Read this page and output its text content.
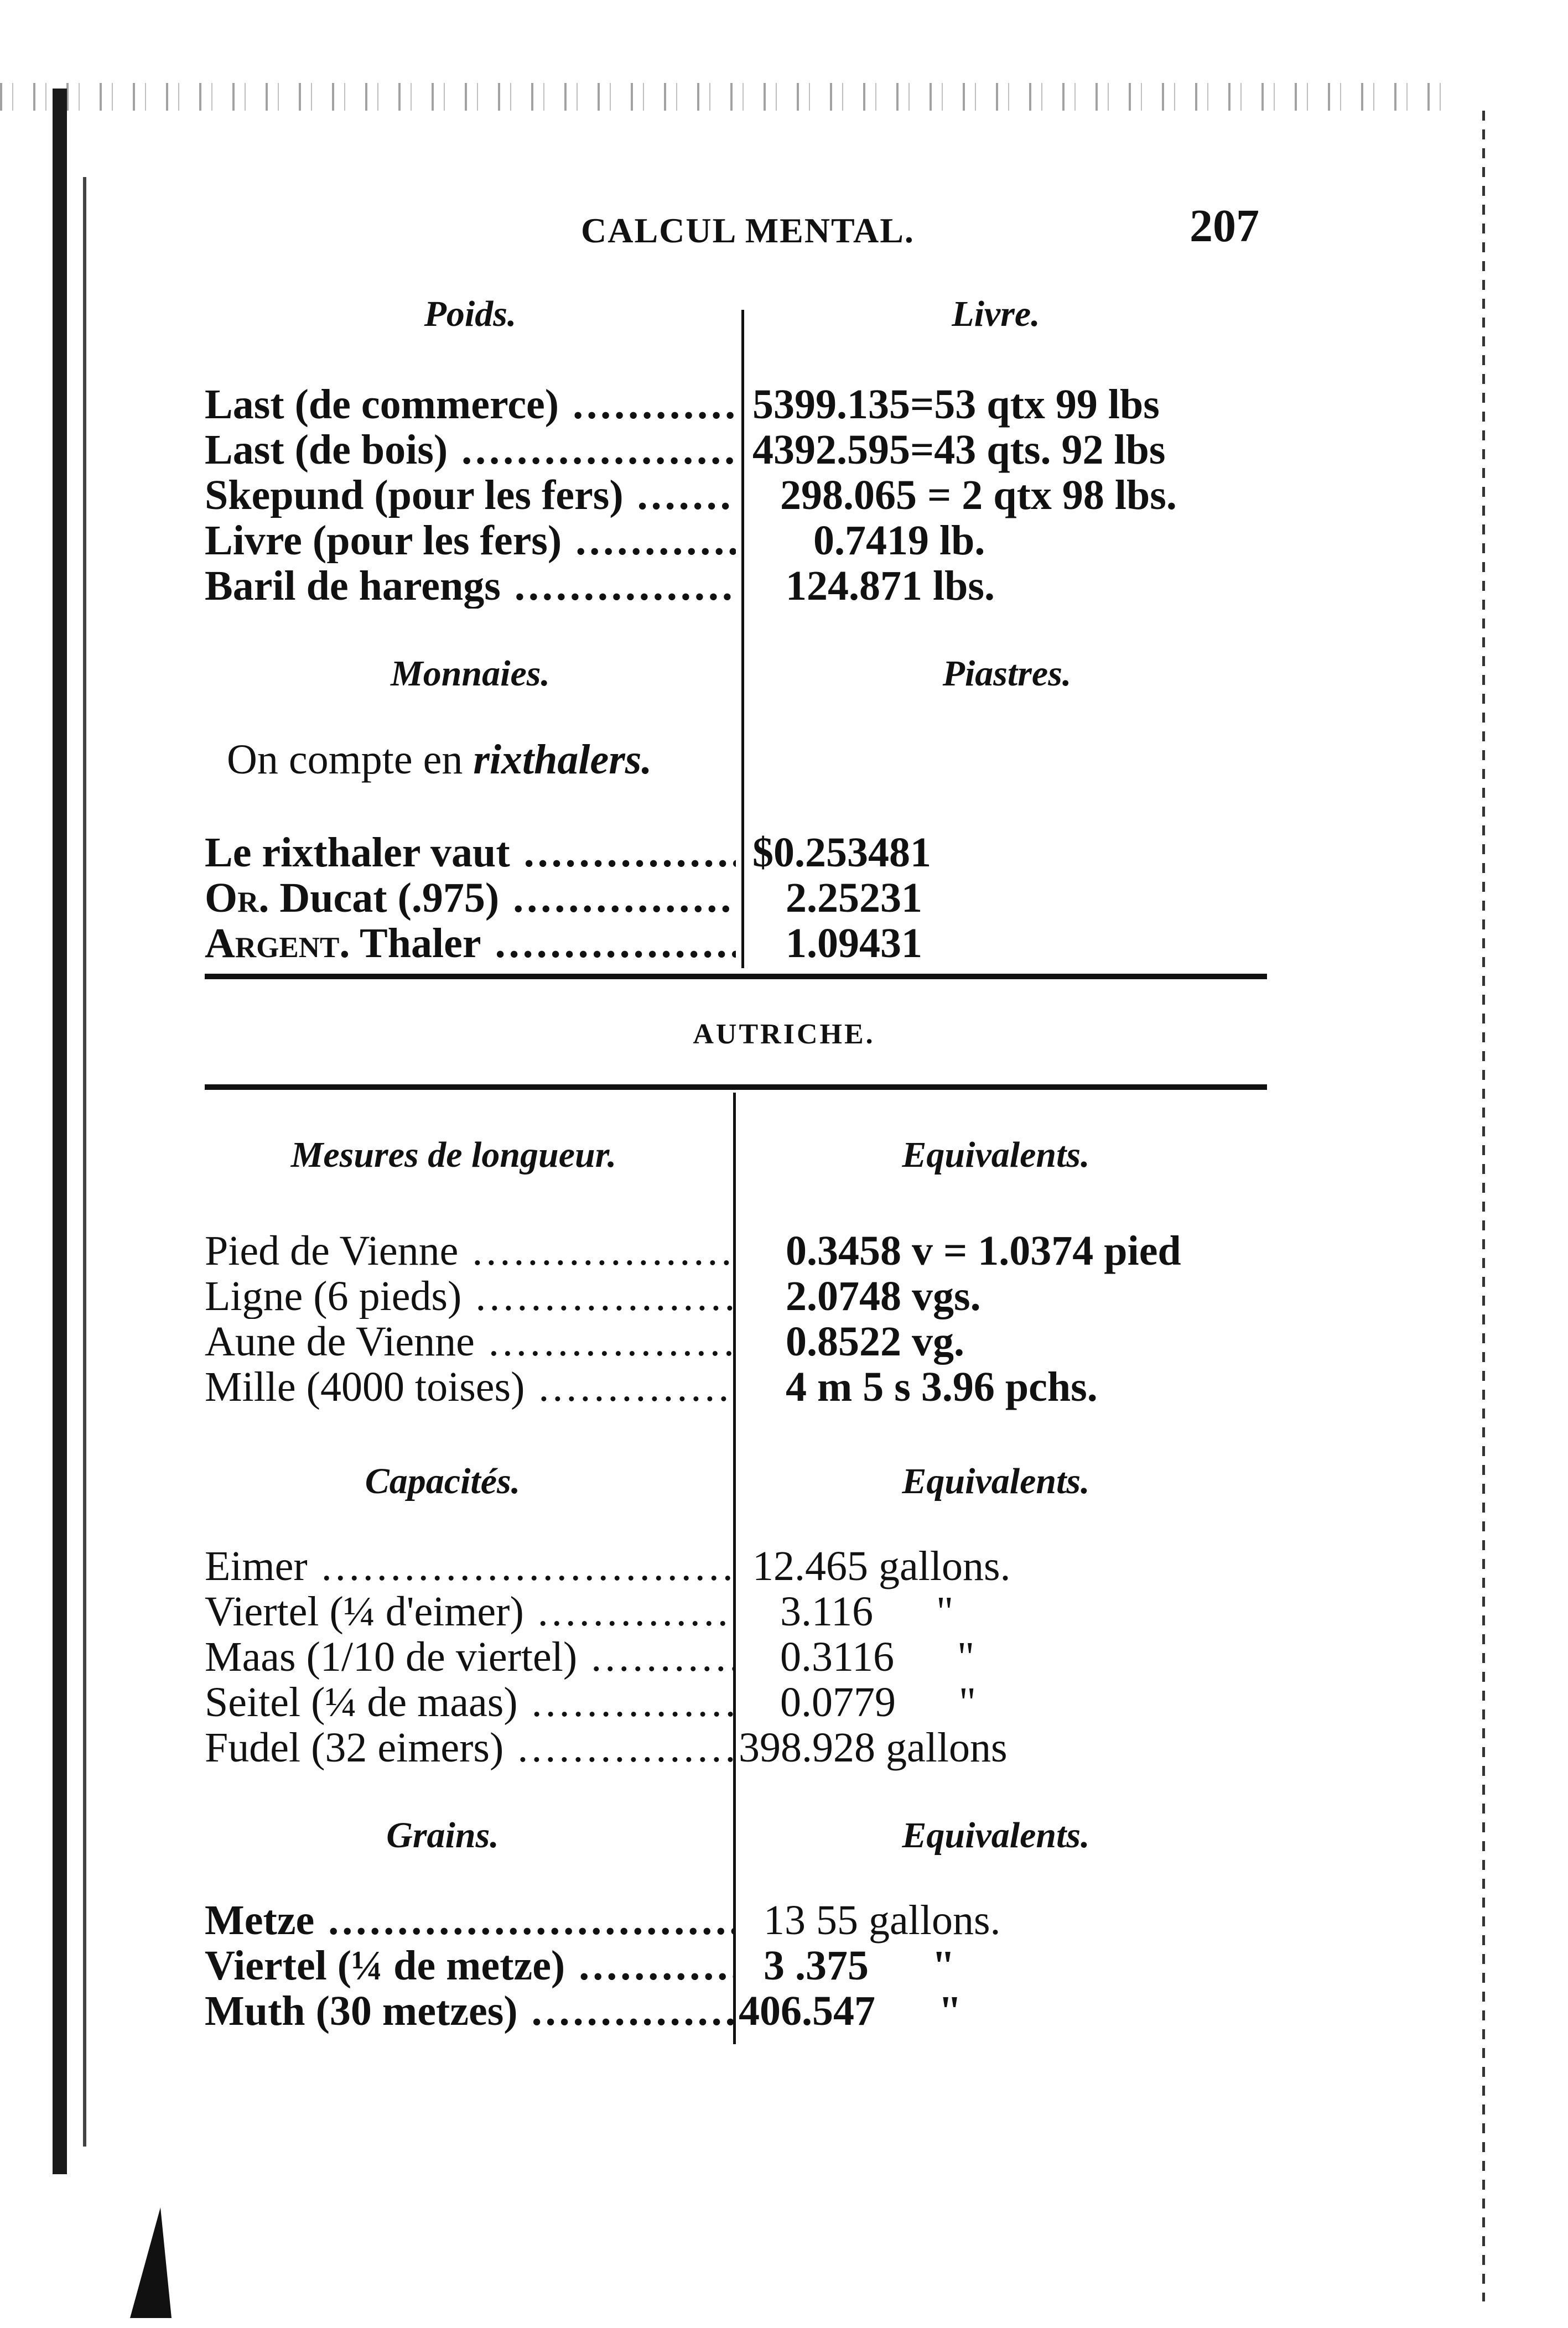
CALCUL MENTAL.	207
Poids.	Livre.
Last (de commerce) .....	5399.135=53 qtx 99 lbs
Last (de bois) .....	4392.595=43 qts. 92 lbs
Skepund (pour les fers) .....	298.065 = 2 qtx 98 lbs.
Livre (pour les fers) .....	0.7419 lb.
Baril de harengs .....	124.871 lbs.
Monnaies.	Piastres.
On compte en rixthalers.
Le rixthaler vaut .....	$0.253481
Or. Ducat (.975) .....	2.25231
Argent. Thaler .....	1.09431
AUTRICHE.
Mesures de longueur.	Equivalents.
Pied de Vienne .....	0.3458 v = 1.0374 pied
Ligne (6 pieds) .....	2.0748 vgs.
Aune de Vienne .....	0.8522 vg.
Mille (4000 toises) .....	4 m 5 s 3.96 pchs.
Capacités.	Equivalents.
Eimer .....	12.465 gallons.
Viertel (¼ d'eimer) .....	3.116      "
Maas (1/10 de viertel) .....	0.3116      "
Seitel (¼ de maas) .....	0.0779      "
Fudel (32 eimers) .....	398.928 gallons
Grains.	Equivalents.
Metze .....	13 55 gallons.
Viertel (¼ de metze) .....	3 .375      "
Muth (30 metzes) .....	406.547      "
